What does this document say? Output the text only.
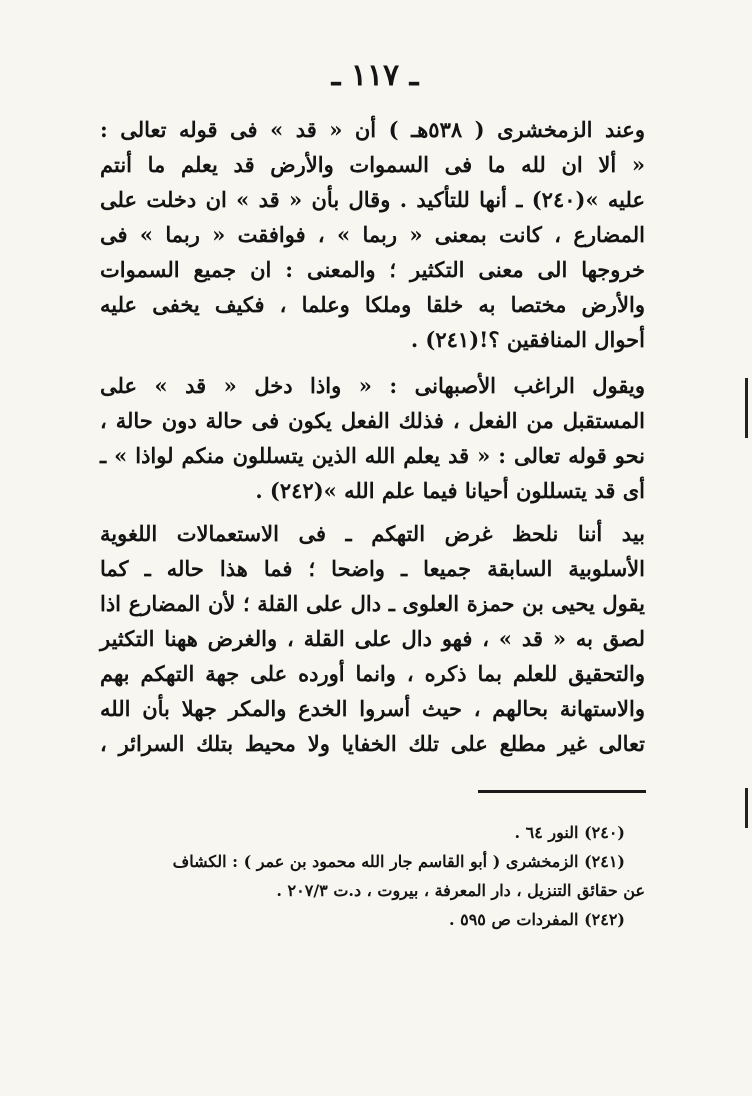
ـ ١١٧ ـ
وعند الزمخشرى ( ٥٣٨هـ ) أن « قد » فى قوله تعالى :
« ألا ان لله ما فى السموات والأرض قد يعلم ما أنتم
عليه »(٢٤٠) ـ أنها للتأكيد . وقال بأن « قد » ان دخلت على
المضارع ، كانت بمعنى « ربما » ، فوافقت « ربما » فى
خروجها الى معنى التكثير ؛ والمعنى : ان جميع السموات
والأرض مختصا به خلقا وملكا وعلما ، فكيف يخفى عليه
أحوال المنافقين ؟!(٢٤١) .
ويقول الراغب الأصبهانى : « واذا دخل « قد » على
المستقبل من الفعل ، فذلك الفعل يكون فى حالة دون حالة ،
نحو قوله تعالى : « قد يعلم الله الذين يتسللون منكم لواذا » ـ
أى قد يتسللون أحيانا فيما علم الله »(٢٤٢) .
بيد أننا نلحظ غرض التهكم ـ فى الاستعمالات اللغوية
الأسلوبية السابقة جميعا ـ واضحا ؛ فما هذا حاله ـ كما
يقول يحيى بن حمزة العلوى ـ دال على القلة ؛ لأن المضارع اذا
لصق به « قد » ، فهو دال على القلة ، والغرض ههنا التكثير
والتحقيق للعلم بما ذكره ، وانما أورده على جهة التهكم بهم
والاستهانة بحالهم ، حيث أسروا الخدع والمكر جهلا بأن الله
تعالى غير مطلع على تلك الخفايا ولا محيط بتلك السرائر ،
(٢٤٠) النور ٦٤ .
(٢٤١) الزمخشرى ( أبو القاسم جار الله محمود بن عمر ) : الكشاف
عن حقائق التنزيل ، دار المعرفة ، بيروت ، د.ت ٢٠٧/٣ .
(٢٤٢) المفردات ص ٥٩٥ .
